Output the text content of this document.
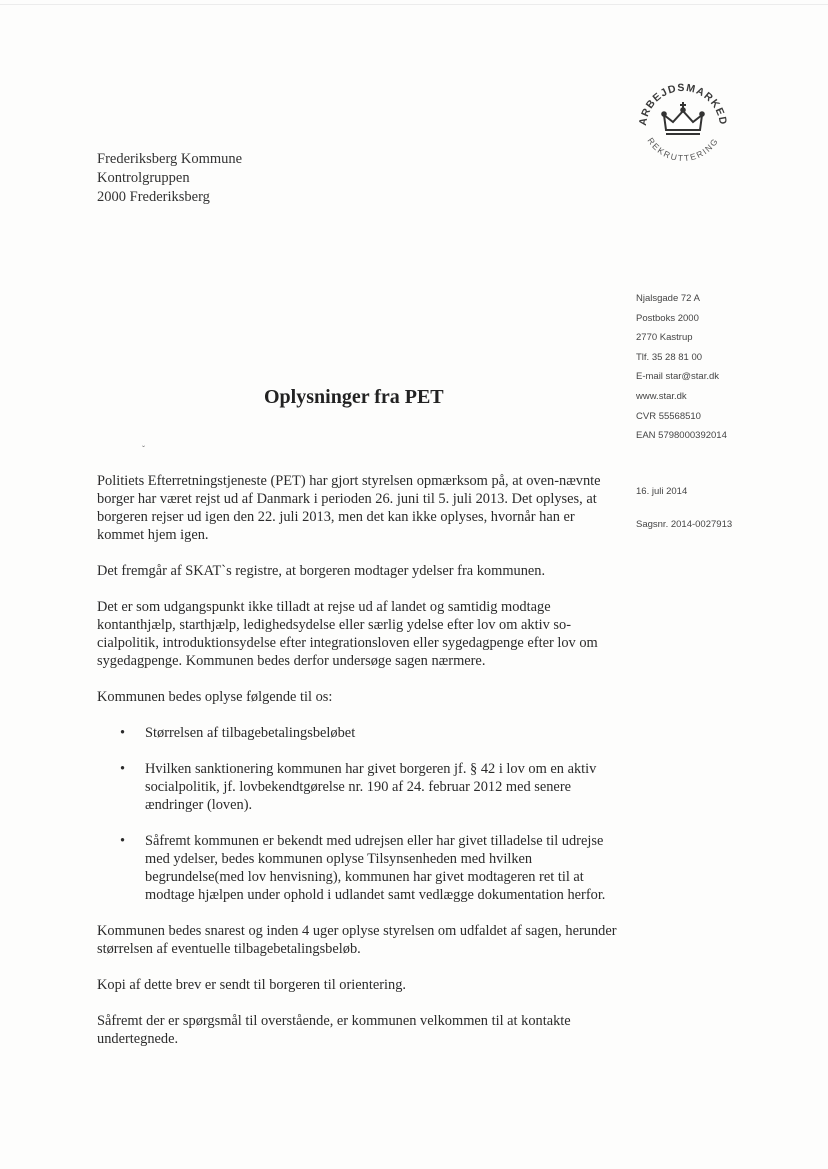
Frederiksberg Kommune
Kontrolgruppen
2000 Frederiksberg
ARBEJDSMARKED
REKRUTTERING
Njalsgade 72 A
Postboks 2000
2770 Kastrup
Tlf. 35 28 81 00
E-mail star@star.dk
www.star.dk
CVR 55568510
EAN 5798000392014
16. juli 2014
Sagsnr. 2014-0027913
Oplysninger fra PET
ˇ

Politiets Efterretningstjeneste (PET) har gjort styrelsen opmærksom på, at oven-nævnte borger har været rejst ud af Danmark i perioden 26. juni til 5. juli 2013. Det oplyses, at borgeren rejser ud igen den 22. juli 2013, men det kan ikke oplyses, hvornår han er kommet hjem igen.

Det fremgår af SKAT`s registre, at borgeren modtager ydelser fra kommunen.

Det er som udgangspunkt ikke tilladt at rejse ud af landet og samtidig modtage kontanthjælp, starthjælp, ledighedsydelse eller særlig ydelse efter lov om aktiv so-cialpolitik, introduktionsydelse efter integrationsloven eller sygedagpenge efter lov om sygedagpenge. Kommunen bedes derfor undersøge sagen nærmere.

Kommunen bedes oplyse følgende til os:

• Størrelsen af tilbagebetalingsbeløbet
• Hvilken sanktionering kommunen har givet borgeren jf. § 42 i lov om en aktiv socialpolitik, jf. lovbekendtgørelse nr. 190 af 24. februar 2012 med senere ændringer (loven).
• Såfremt kommunen er bekendt med udrejsen eller har givet tilladelse til udrejse med ydelser, bedes kommunen oplyse Tilsynsenheden med hvilken begrundelse(med lov henvisning), kommunen har givet modtageren ret til at modtage hjælpen under ophold i udlandet samt vedlægge dokumentation herfor.

Kommunen bedes snarest og inden 4 uger oplyse styrelsen om udfaldet af sagen, herunder størrelsen af eventuelle tilbagebetalingsbeløb.

Kopi af dette brev er sendt til borgeren til orientering.

Såfremt der er spørgsmål til overstående, er kommunen velkommen til at kontakte undertegnede.
